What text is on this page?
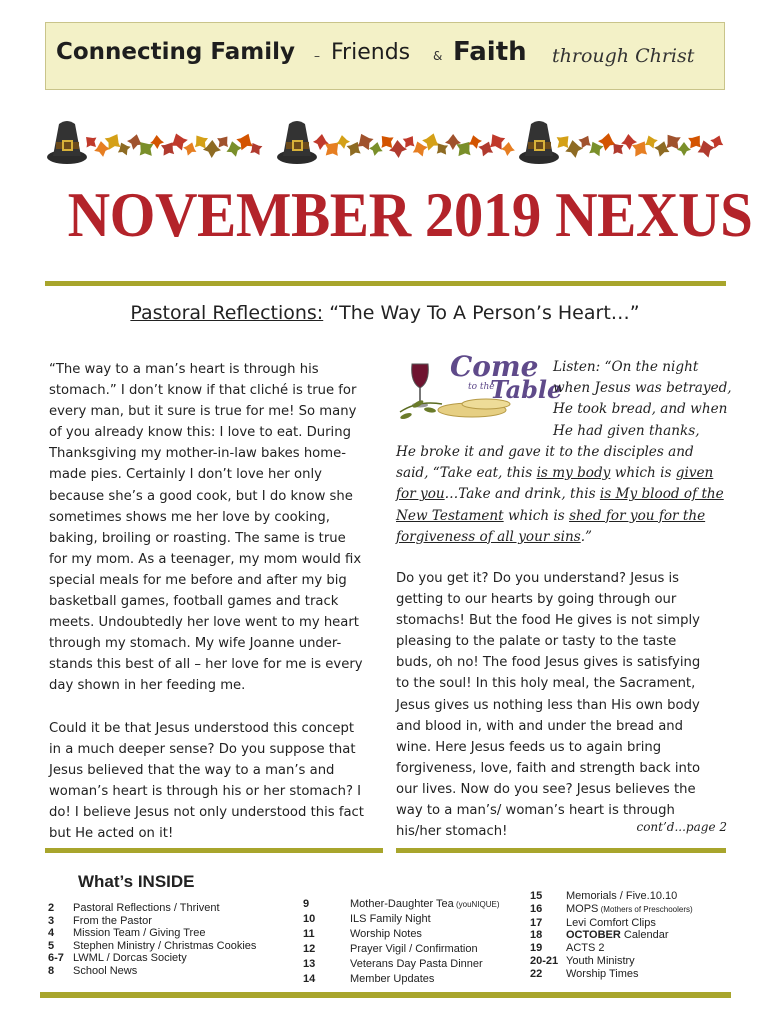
Connecting Family – Friends & Faith through Christ
NOVEMBER 2019 NEXUS
Pastoral Reflections: “The Way To A Person’s Heart…”

“The way to a man’s heart is through his stomach.” I don’t know if that cliché is true for every man, but it sure is true for me! So many of you already know this: I love to eat. During Thanksgiving my mother-in-law bakes home-made pies. Certainly I don’t love her only because she’s a good cook, but I do know she sometimes shows me her love by cooking, baking, broiling or roasting. The same is true for my mom. As a teenager, my mom would fix special meals for me before and after my big basketball games, football games and track meets. Undoubtedly her love went to my heart through my stomach. My wife Joanne under-stands this best of all – her love for me is every day shown in her feeding me.

Could it be that Jesus understood this concept in a much deeper sense? Do you suppose that Jesus believed that the way to a man’s and woman’s heart is through his or her stomach? I do! I believe Jesus not only understood this fact but He acted on it!

Come
to the
Table
Listen: “On the night when Jesus was betrayed, He took bread, and when He had given thanks,
He broke it and gave it to the disciples and said, “Take eat, this is my body which is given for you…Take and drink, this is My blood of the New Testament which is shed for you for the forgiveness of all your sins.”

Do you get it? Do you understand? Jesus is getting to our hearts by going through our stomachs! But the food He gives is not simply pleasing to the palate or tasty to the taste buds, oh no! The food Jesus gives is satisfying to the soul! In this holy meal, the Sacrament, Jesus gives us nothing less than His own body and blood in, with and under the bread and wine. Here Jesus feeds us to again bring forgiveness, love, faith and strength back into our lives. Now do you see? Jesus believes the way to a man’s/ woman’s heart is through his/her stomach!	cont’d...page 2
What’s INSIDE
2	Pastoral Reflections / Thrivent
3	From the Pastor
4	Mission Team / Giving Tree
5	Stephen Ministry / Christmas Cookies
6-7 LWML / Dorcas Society
8	School News
9	Mother-Daughter Tea (youNIQUE)
10	ILS Family Night
11	Worship Notes
12	Prayer Vigil / Confirmation
13	Veterans Day Pasta Dinner
14	Member Updates
15	Memorials / Five.10.10
16	MOPS (Mothers of Preschoolers)
17	Levi Comfort Clips
18	OCTOBER Calendar
19	ACTS 2
20-21 Youth Ministry
22	Worship Times
